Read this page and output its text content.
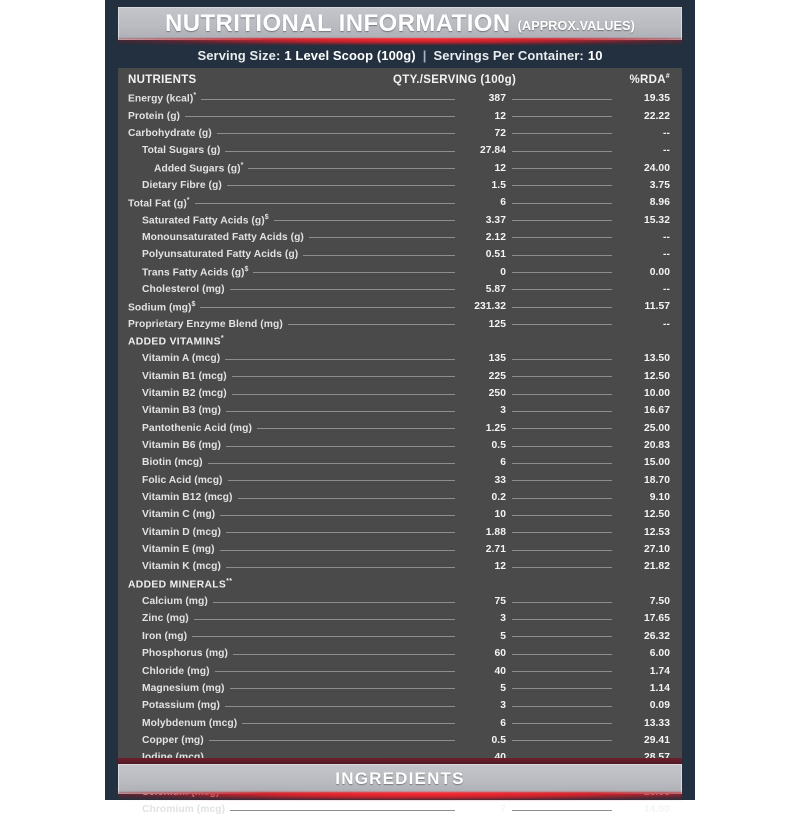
NUTRITIONAL INFORMATION (APPROX.VALUES)
Serving Size: 1 Level Scoop (100g) | Servings Per Container: 10
NUTRIENTS	QTY./SERVING (100g)	%RDA#
Energy (kcal)*	387	19.35
Protein (g)	12	22.22
Carbohydrate (g)	72	--
Total Sugars (g)	27.84	--
Added Sugars (g)*	12	24.00
Dietary Fibre (g)	1.5	3.75
Total Fat (g)*	6	8.96
Saturated Fatty Acids (g)$	3.37	15.32
Monounsaturated Fatty Acids (g)	2.12	--
Polyunsaturated Fatty Acids (g)	0.51	--
Trans Fatty Acids (g)$	0	0.00
Cholesterol (mg)	5.87	--
Sodium (mg)$	231.32	11.57
Proprietary Enzyme Blend (mg)	125	--
ADDED VITAMINS*
Vitamin A (mcg)	135	13.50
Vitamin B1 (mcg)	225	12.50
Vitamin B2 (mcg)	250	10.00
Vitamin B3 (mg)	3	16.67
Pantothenic Acid (mg)	1.25	25.00
Vitamin B6 (mg)	0.5	20.83
Biotin (mcg)	6	15.00
Folic Acid (mcg)	33	18.70
Vitamin B12 (mcg)	0.2	9.10
Vitamin C (mg)	10	12.50
Vitamin D (mcg)	1.88	12.53
Vitamin E (mg)	2.71	27.10
Vitamin K (mcg)	12	21.82
ADDED MINERALS**
Calcium (mg)	75	7.50
Zinc (mg)	3	17.65
Iron (mg)	5	26.32
Phosphorus (mg)	60	6.00
Chloride (mg)	40	1.74
Magnesium (mg)	5	1.14
Potassium (mg)	3	0.09
Molybdenum (mcg)	6	13.33
Copper (mg)	0.5	29.41
Chromium (mcg)	7	14.00
INGREDIENTS
